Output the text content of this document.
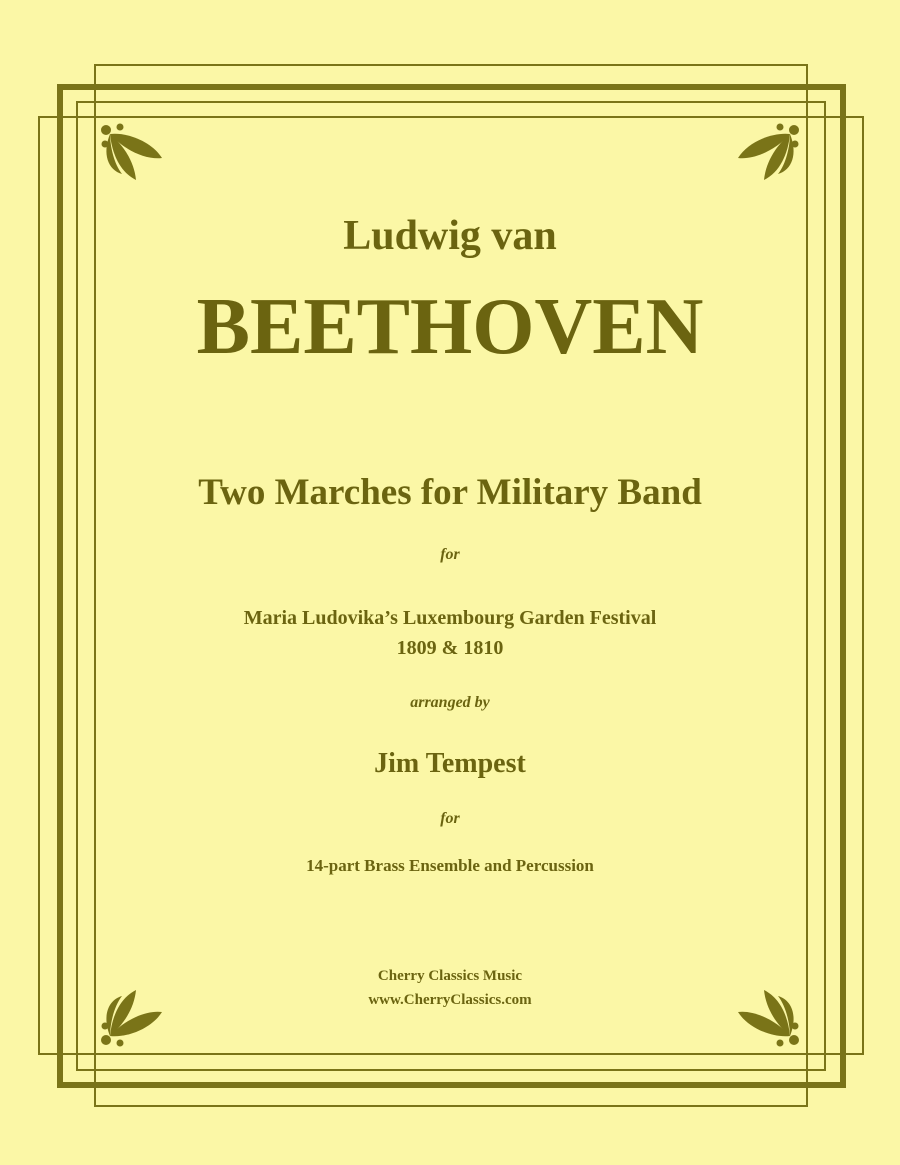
Ludwig van
BEETHOVEN
Two Marches for Military Band
for
Maria Ludovika’s Luxembourg Garden Festival
1809 & 1810
arranged by
Jim Tempest
for
14-part Brass Ensemble and Percussion
Cherry Classics Music
www.CherryClassics.com
